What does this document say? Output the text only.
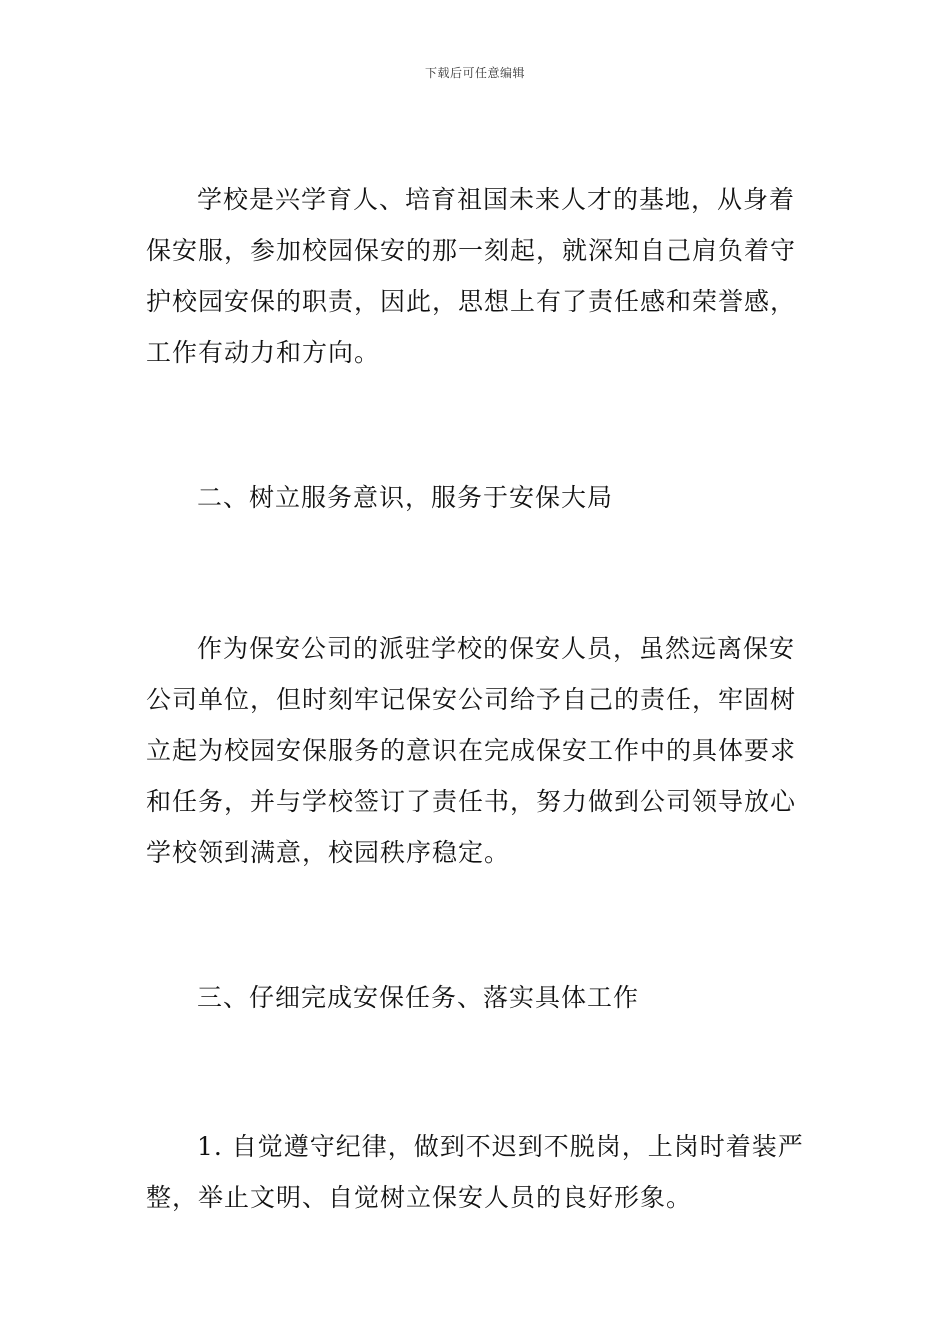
下载后可任意编辑

学校是兴学育人、培育祖国未来人才的基地，从身着保安服，参加校园保安的那一刻起，就深知自己肩负着守护校园安保的职责，因此，思想上有了责任感和荣誉感，工作有动力和方向。

二、树立服务意识，服务于安保大局

作为保安公司的派驻学校的保安人员，虽然远离保安公司单位，但时刻牢记保安公司给予自己的责任，牢固树立起为校园安保服务的意识在完成保安工作中的具体要求和任务，并与学校签订了责任书，努力做到公司领导放心学校领到满意，校园秩序稳定。

三、仔细完成安保任务、落实具体工作

1. 自觉遵守纪律，做到不迟到不脱岗，上岗时着装严整，举止文明、自觉树立保安人员的良好形象。
